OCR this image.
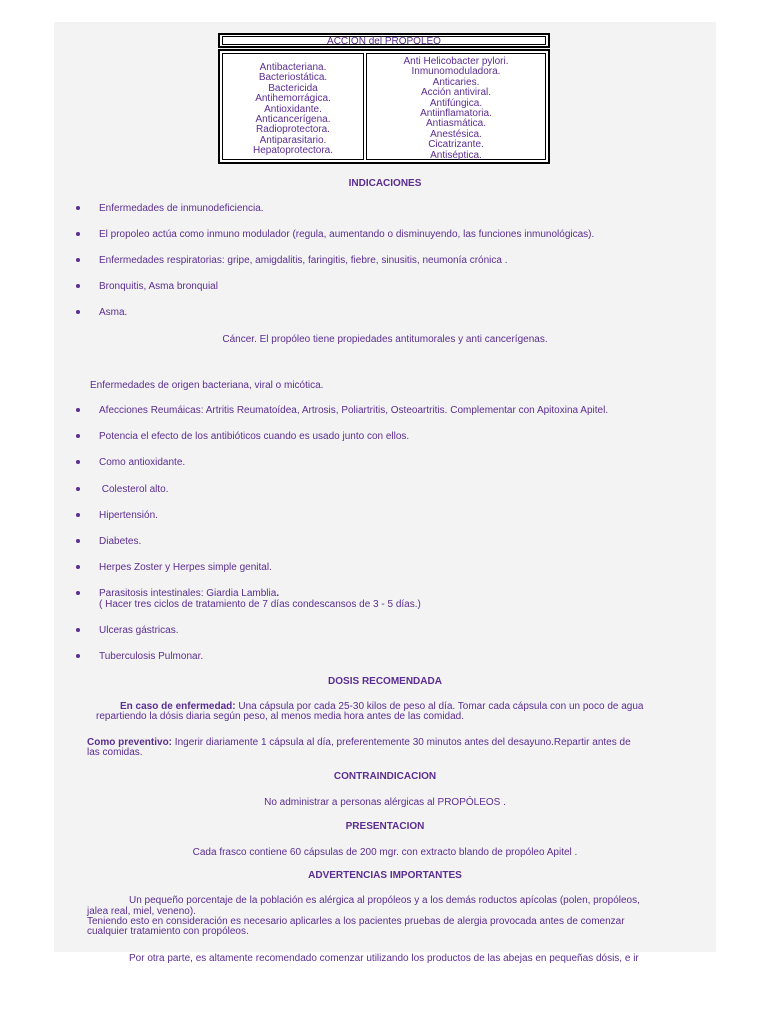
ACCION del PROPOLEO
Antibacteriana.
Bacteriostática.
Bactericida
Antihemorrágica.
Antioxidante.
Anticancerígena.
Radioprotectora.
Antiparasitario.
Hepatoprotectora.
Anti Helicobacter pylori.
Inmunomoduladora.
Anticaries.
Acción antiviral.
Antifúngica.
Antiinflamatoria.
Antiasmática.
Anestésica.
Cicatrizante.
Antiséptica.
INDICACIONES
Enfermedades de inmunodeficiencia.
El propoleo actúa como inmuno modulador (regula, aumentando o disminuyendo, las funciones inmunológicas).
Enfermedades respiratorias: gripe, amigdalitis, faringitis, fiebre, sinusitis, neumonía crónica .
Bronquitis, Asma bronquial
Asma.
Cáncer. El propóleo tiene propiedades antitumorales y anti cancerígenas.
Enfermedades de origen bacteriana, viral o micótica.
Afecciones Reumáicas: Artritis Reumatoídea, Artrosis, Poliartritis, Osteoartritis. Complementar con Apitoxina Apitel.
Potencia el efecto de los antibióticos cuando es usado junto con ellos.
Como antioxidante.
Colesterol alto.
Hipertensión.
Diabetes.
Herpes Zoster y Herpes simple genital.
Parasitosis intestinales: Giardia Lamblia.
( Hacer tres ciclos de tratamiento de 7 días condescansos de 3 - 5 días.)
Ulceras gástricas.
Tuberculosis Pulmonar.
DOSIS RECOMENDADA
En caso de enfermedad: Una cápsula por cada 25-30 kilos de peso al día. Tomar cada cápsula con un poco de agua
repartiendo la dósis diaria según peso, al menos media hora antes de las comidad.
Como preventivo: Ingerir diariamente 1 cápsula al día, preferentemente 30 minutos antes del desayuno.Repartir antes de
las comidas.
CONTRAINDICACION
No administrar a personas alérgicas al PROPÓLEOS .
PRESENTACION
Cada frasco contiene 60 cápsulas de 200 mgr. con extracto blando de propóleo Apitel .
ADVERTENCIAS IMPORTANTES
Un pequeño porcentaje de la población es alérgica al propóleos y a los demás roductos apícolas (polen, propóleos,
jalea real, miel, veneno).
Teniendo esto en consideración es necesario aplicarles a los pacientes pruebas de alergia provocada antes de comenzar
cualquier tratamiento con propóleos.
Por otra parte, es altamente recomendado comenzar utilizando los productos de las abejas en pequeñas dósis, e ir
